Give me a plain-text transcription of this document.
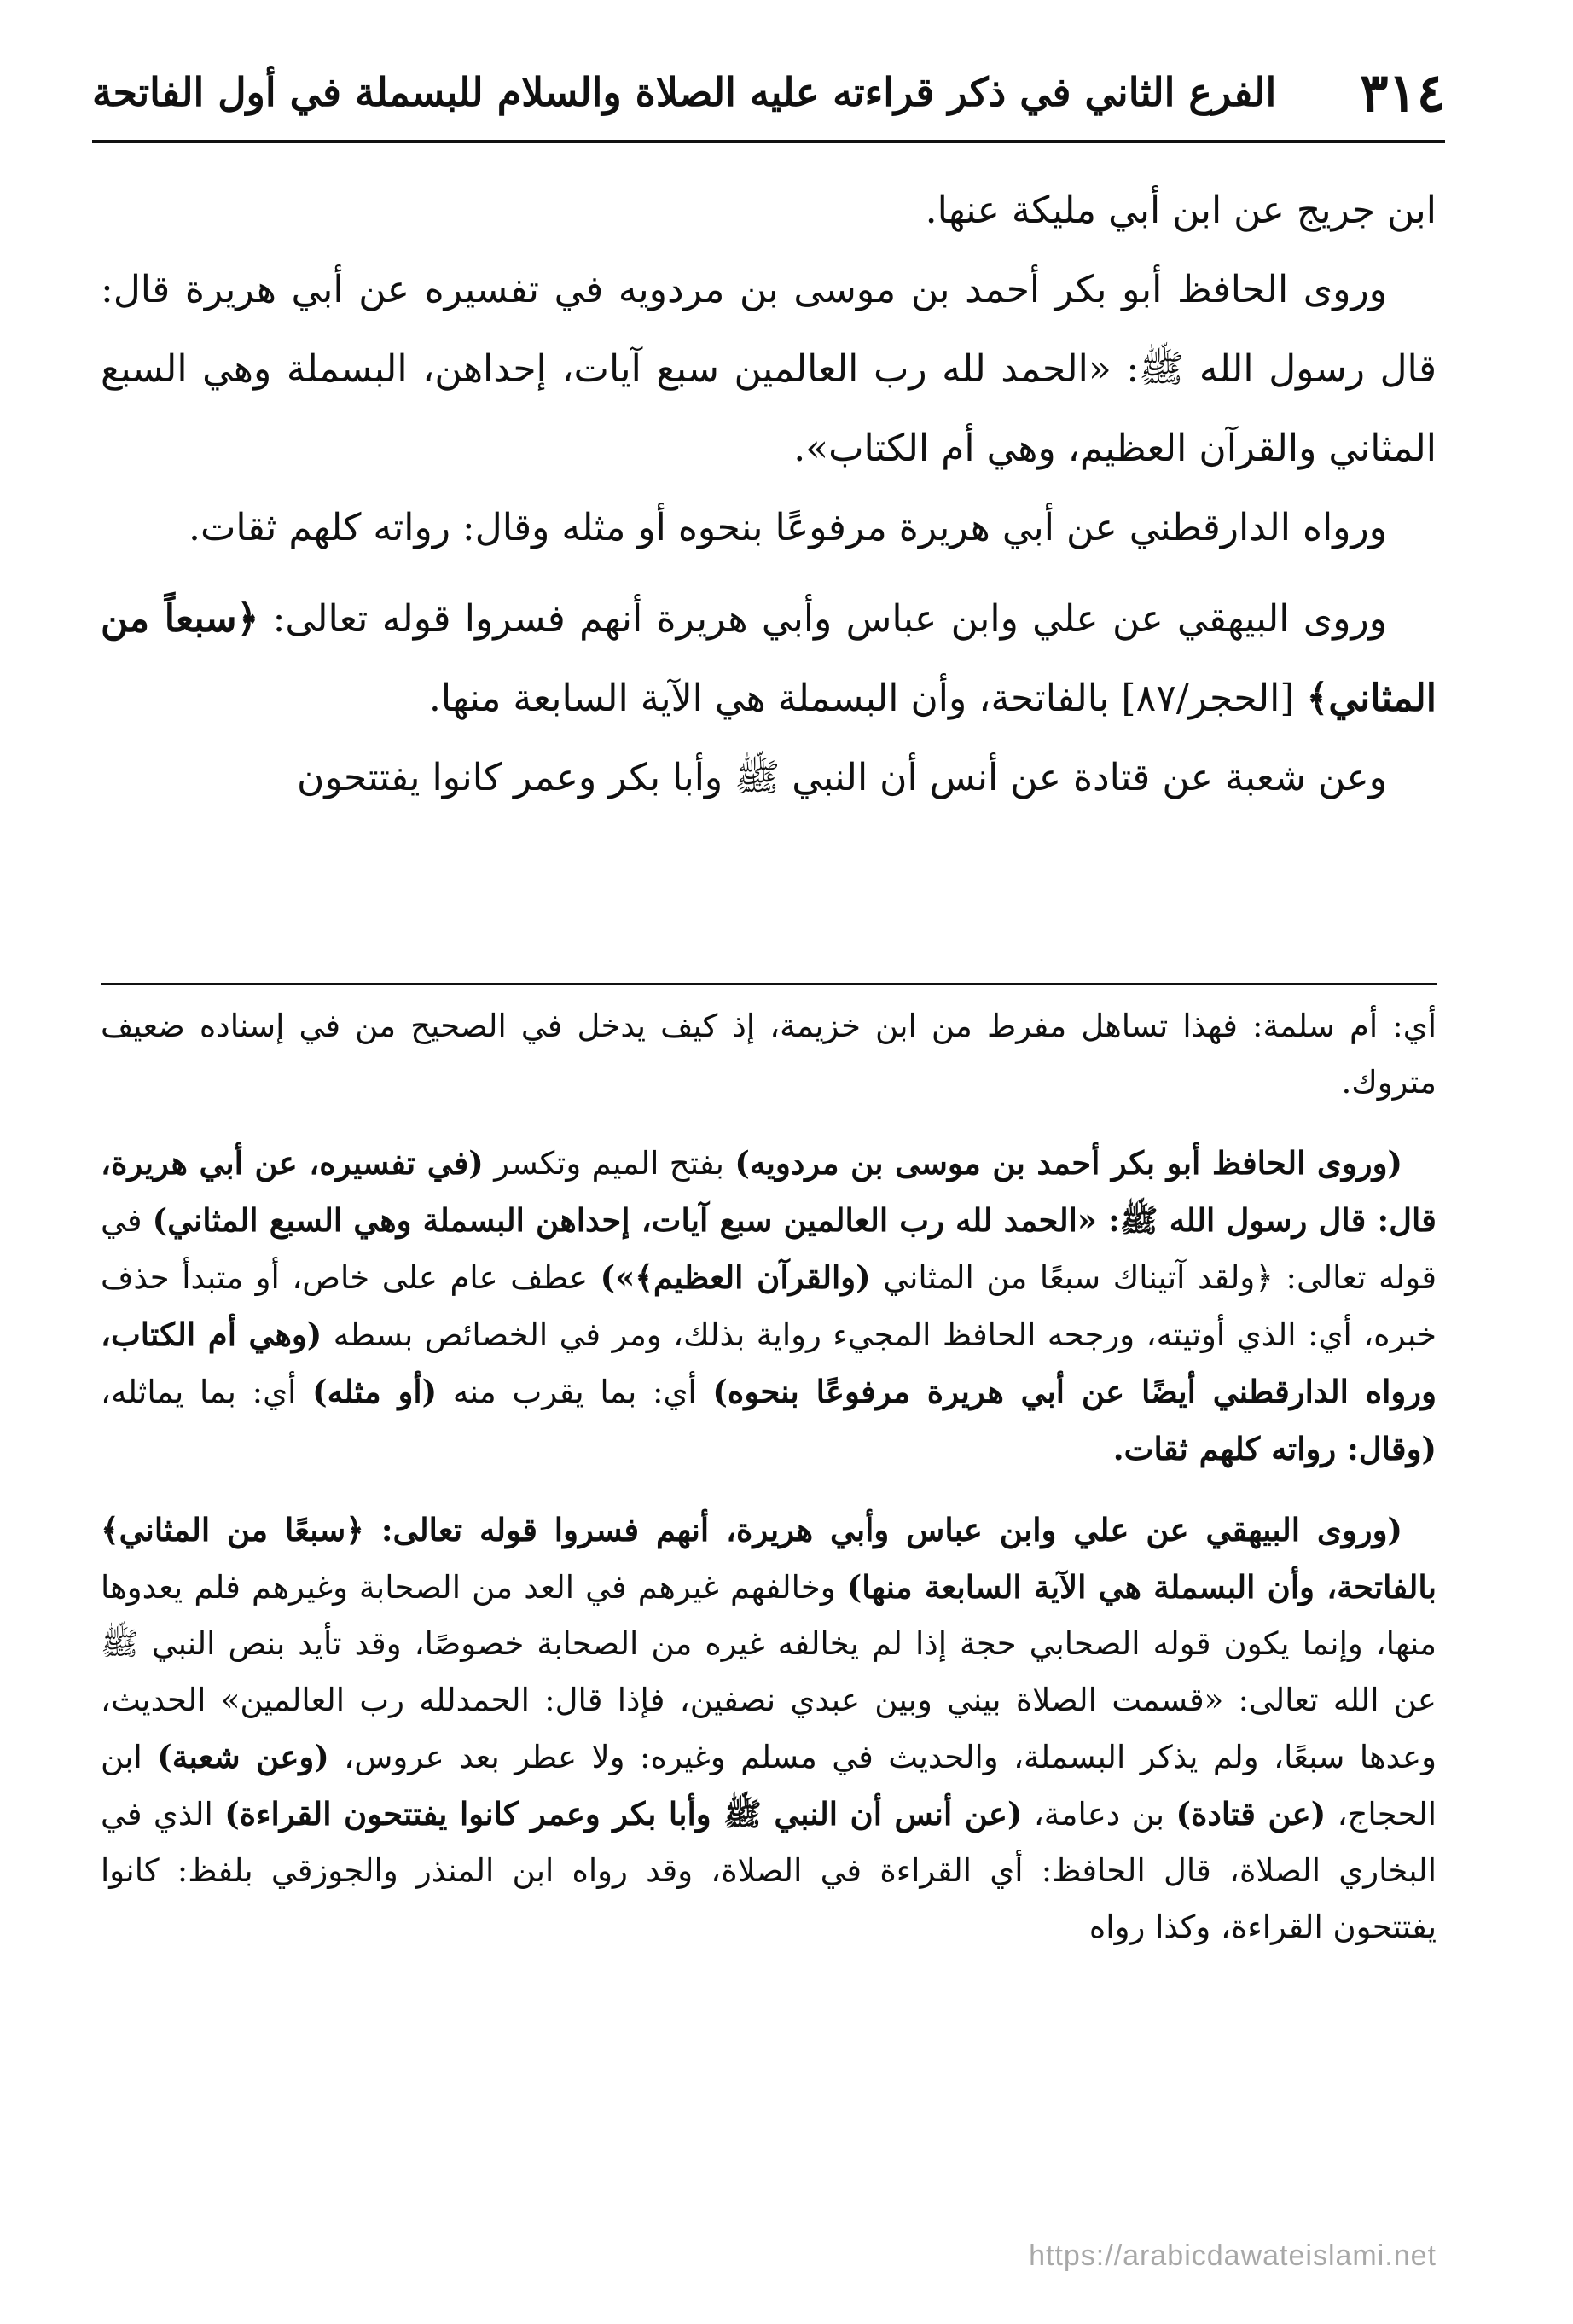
٣١٤
الفرع الثاني في ذكر قراءته عليه الصلاة والسلام للبسملة في أول الفاتحة

ابن جريج عن ابن أبي مليكة عنها.

وروى الحافظ أبو بكر أحمد بن موسى بن مردويه في تفسيره عن أبي هريرة قال: قال رسول الله ﷺ: «الحمد لله رب العالمين سبع آيات، إحداهن، البسملة وهي السبع المثاني والقرآن العظيم، وهي أم الكتاب».

ورواه الدارقطني عن أبي هريرة مرفوعًا بنحوه أو مثله وقال: رواته كلهم ثقات.

وروى البيهقي عن علي وابن عباس وأبي هريرة أنهم فسروا قوله تعالى: ﴿سبعاً من المثاني﴾ [الحجر/٨٧] بالفاتحة، وأن البسملة هي الآية السابعة منها.

وعن شعبة عن قتادة عن أنس أن النبي ﷺ وأبا بكر وعمر كانوا يفتتحون

أي: أم سلمة: فهذا تساهل مفرط من ابن خزيمة، إذ كيف يدخل في الصحيح من في إسناده ضعيف متروك.

(وروى الحافظ أبو بكر أحمد بن موسى بن مردويه) بفتح الميم وتكسر (في تفسيره، عن أبي هريرة، قال: قال رسول الله ﷺ: «الحمد لله رب العالمين سبع آيات، إحداهن البسملة وهي السبع المثاني) في قوله تعالى: ﴿ولقد آتيناك سبعًا من المثاني (والقرآن العظيم﴾») عطف عام على خاص، أو متبدأ حذف خبره، أي: الذي أوتيته، ورجحه الحافظ المجيء رواية بذلك، ومر في الخصائص بسطه (وهي أم الكتاب، ورواه الدارقطني أيضًا عن أبي هريرة مرفوعًا بنحوه) أي: بما يقرب منه (أو مثله) أي: بما يماثله، (وقال: رواته كلهم ثقات.

(وروى البيهقي عن علي وابن عباس وأبي هريرة، أنهم فسروا قوله تعالى: ﴿سبعًا من المثاني﴾ بالفاتحة، وأن البسملة هي الآية السابعة منها) وخالفهم غيرهم في العد من الصحابة وغيرهم فلم يعدوها منها، وإنما يكون قوله الصحابي حجة إذا لم يخالفه غيره من الصحابة خصوصًا، وقد تأيد بنص النبي ﷺ عن الله تعالى: «قسمت الصلاة بيني وبين عبدي نصفين، فإذا قال: الحمدلله رب العالمين» الحديث، وعدها سبعًا، ولم يذكر البسملة، والحديث في مسلم وغيره: ولا عطر بعد عروس، (وعن شعبة) ابن الحجاج، (عن قتادة) بن دعامة، (عن أنس أن النبي ﷺ وأبا بكر وعمر كانوا يفتتحون القراءة) الذي في البخاري الصلاة، قال الحافظ: أي القراءة في الصلاة، وقد رواه ابن المنذر والجوزقي بلفظ: كانوا يفتتحون القراءة، وكذا رواه

https://arabicdawateislami.net
